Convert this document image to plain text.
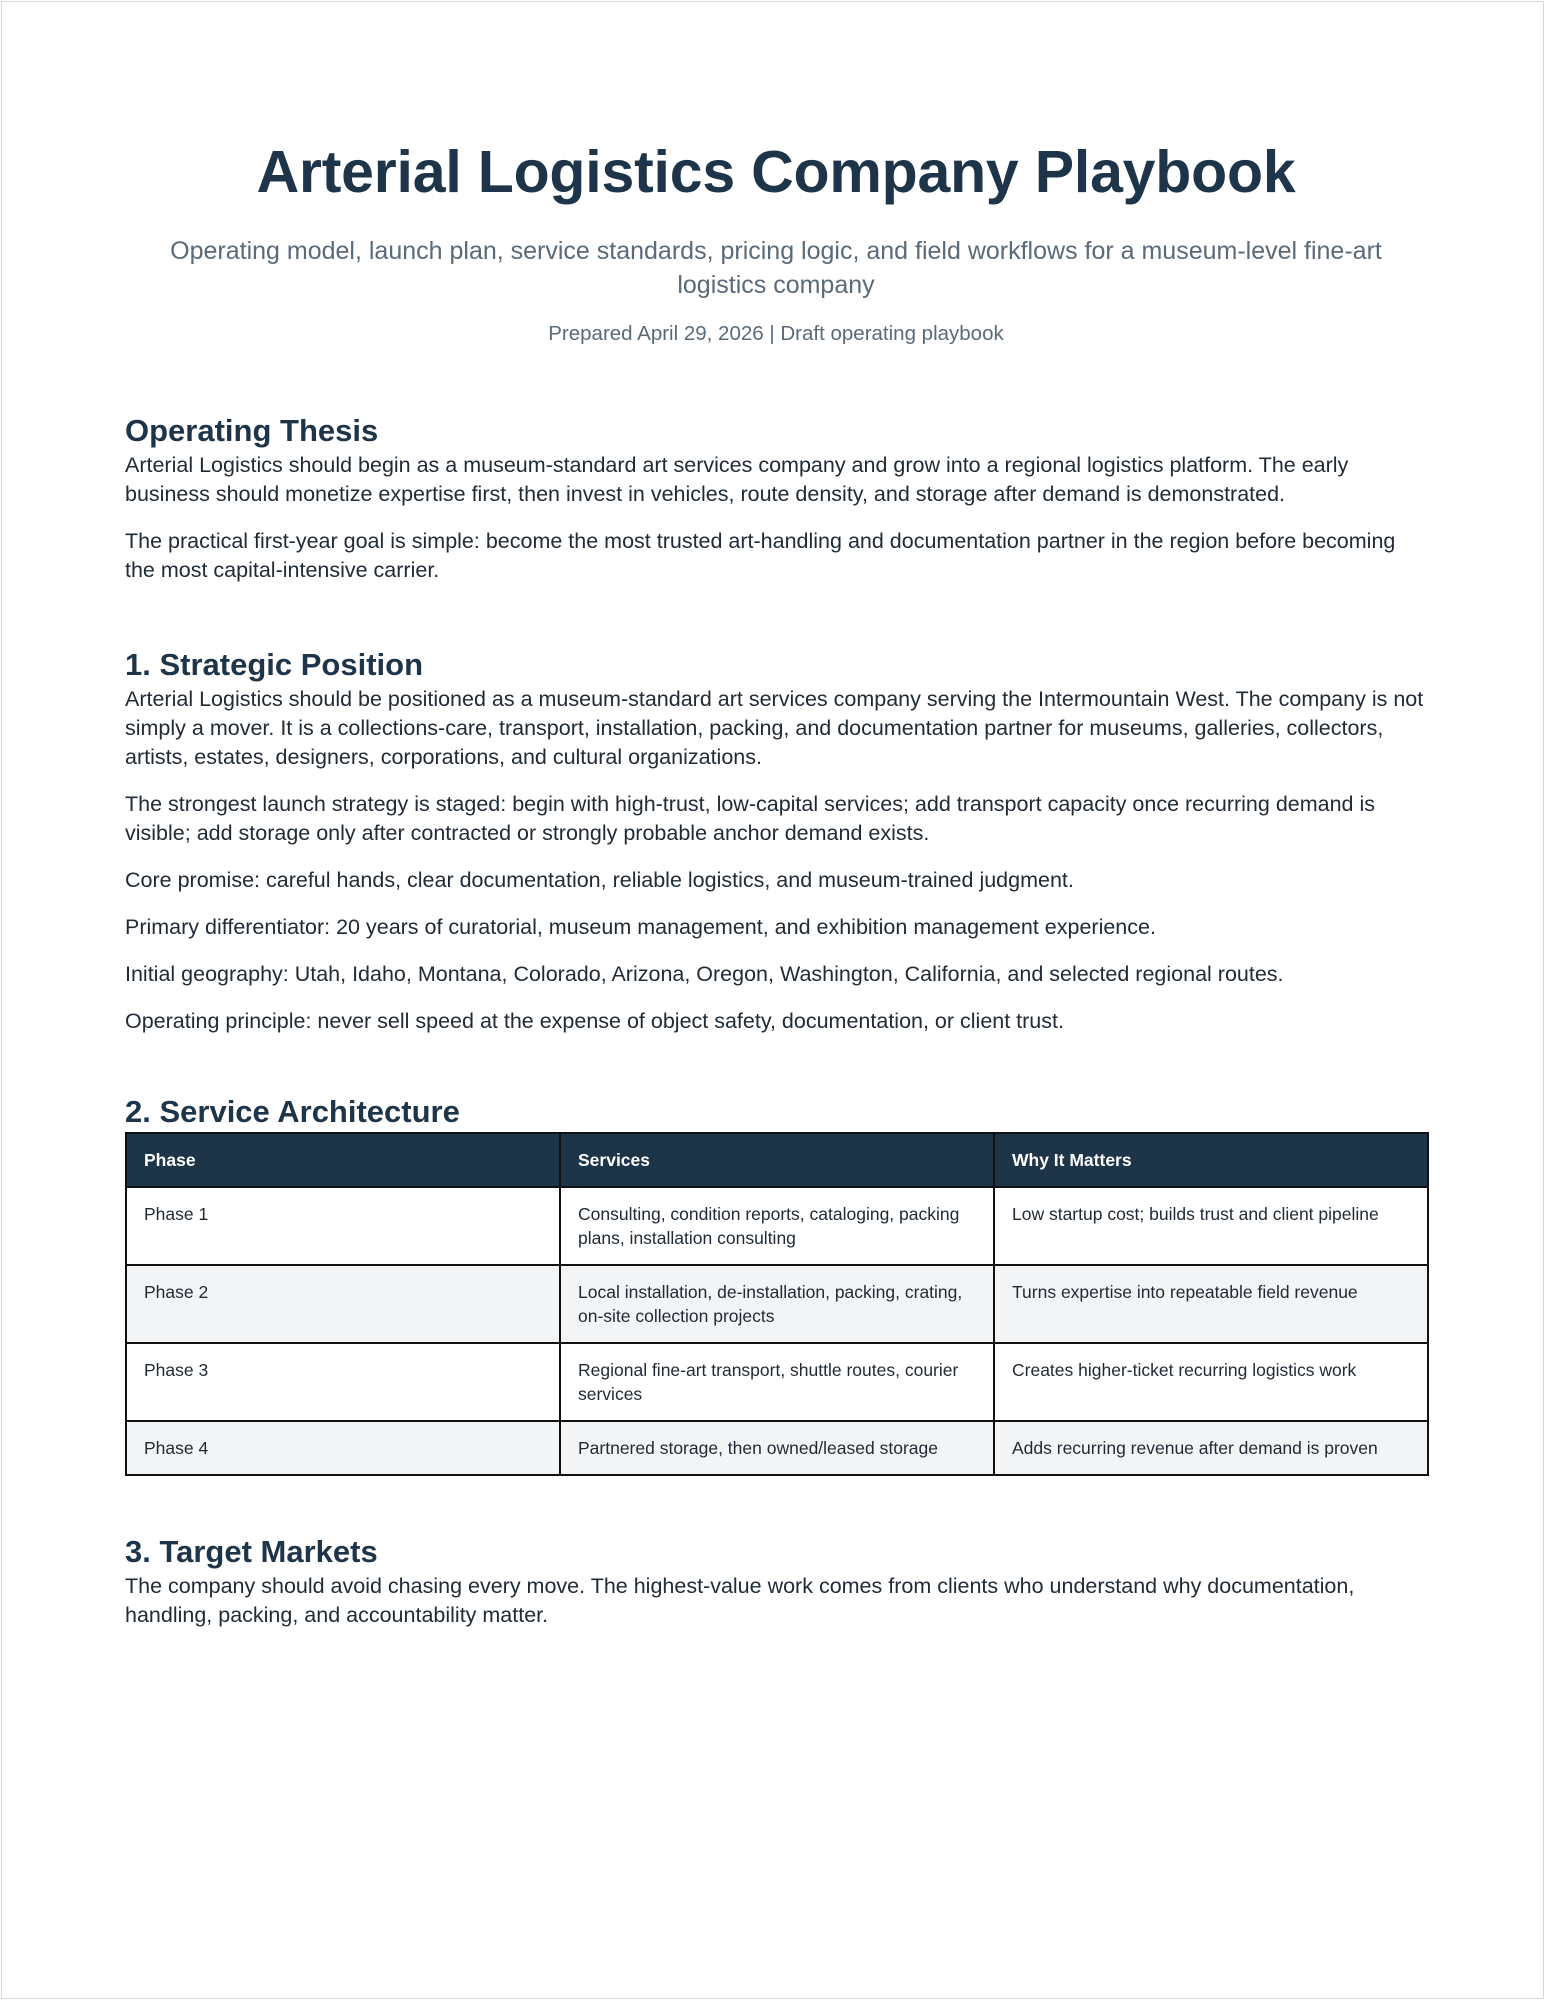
Arterial Logistics Company Playbook
Operating model, launch plan, service standards, pricing logic, and field workflows for a museum-level fine-art logistics company
Prepared April 29, 2026 | Draft operating playbook
Operating Thesis

Arterial Logistics should begin as a museum-standard art services company and grow into a regional logistics platform. The early business should monetize expertise first, then invest in vehicles, route density, and storage after demand is demonstrated.

The practical first-year goal is simple: become the most trusted art-handling and documentation partner in the region before becoming the most capital-intensive carrier.

1. Strategic Position

Arterial Logistics should be positioned as a museum-standard art services company serving the Intermountain West. The company is not simply a mover. It is a collections-care, transport, installation, packing, and documentation partner for museums, galleries, collectors, artists, estates, designers, corporations, and cultural organizations.

The strongest launch strategy is staged: begin with high-trust, low-capital services; add transport capacity once recurring demand is visible; add storage only after contracted or strongly probable anchor demand exists.

Core promise: careful hands, clear documentation, reliable logistics, and museum-trained judgment.

Primary differentiator: 20 years of curatorial, museum management, and exhibition management experience.

Initial geography: Utah, Idaho, Montana, Colorado, Arizona, Oregon, Washington, California, and selected regional routes.

Operating principle: never sell speed at the expense of object safety, documentation, or client trust.

2. Service Architecture
Phase	Services	Why It Matters
Phase 1	Consulting, condition reports, cataloging, packing plans, installation consulting	Low startup cost; builds trust and client pipeline
Phase 2	Local installation, de-installation, packing, crating, on-site collection projects	Turns expertise into repeatable field revenue
Phase 3	Regional fine-art transport, shuttle routes, courier services	Creates higher-ticket recurring logistics work
Phase 4	Partnered storage, then owned/leased storage	Adds recurring revenue after demand is proven
3. Target Markets

The company should avoid chasing every move. The highest-value work comes from clients who understand why documentation, handling, packing, and accountability matter.
